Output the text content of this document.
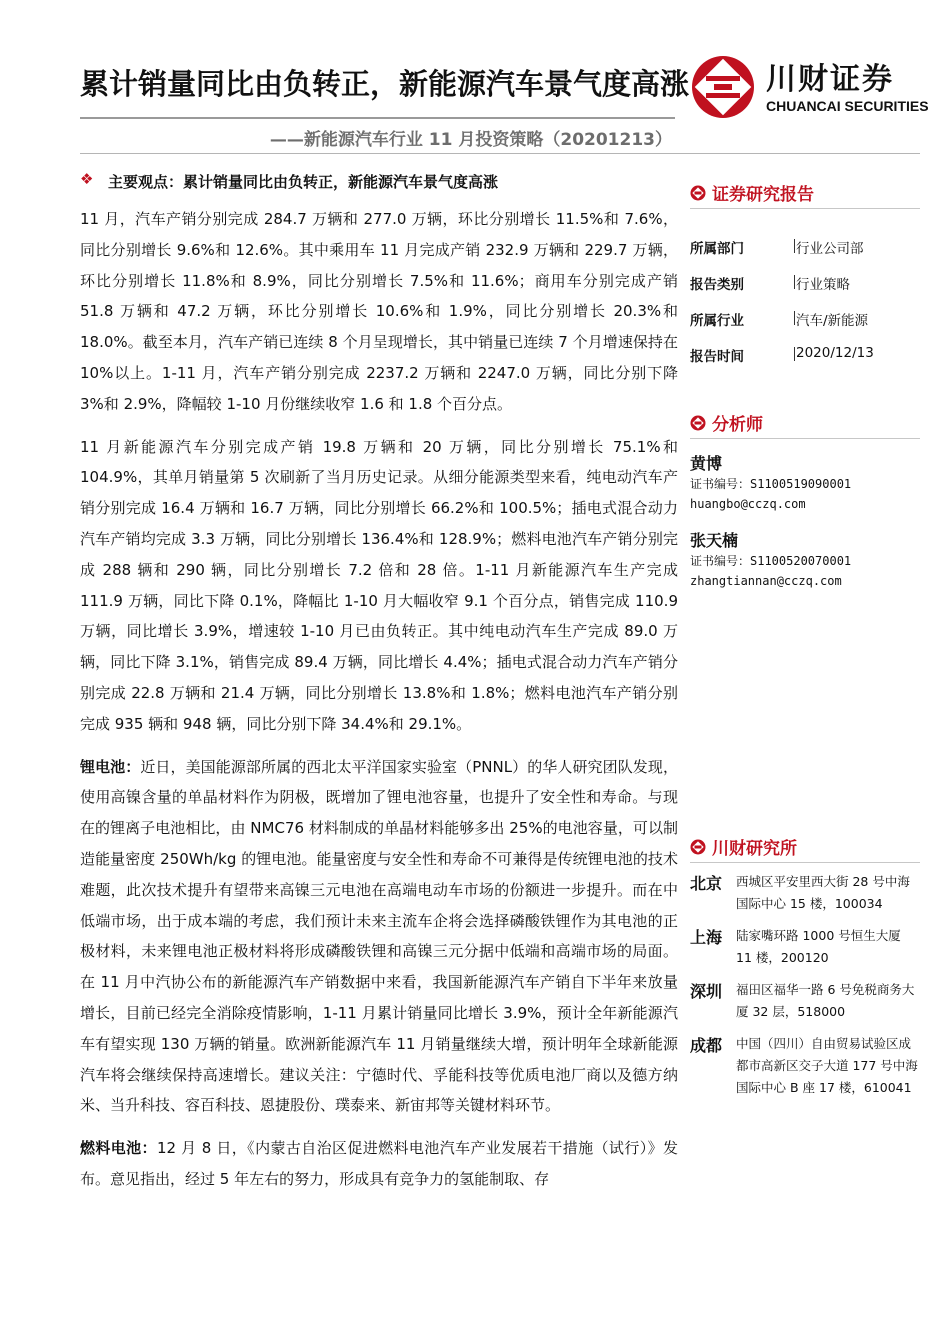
累计销量同比由负转正，新能源汽车景气度高涨	川财证券
CHUANCAI SECURITIES
——新能源汽车行业 11 月投资策略（20201213）
❖ 主要观点：累计销量同比由负转正，新能源汽车景气度高涨

11 月，汽车产销分别完成 284.7 万辆和 277.0 万辆，环比分别增长 11.5%和 7.6%，同比分别增长 9.6%和 12.6%。其中乘用车 11 月完成产销 232.9 万辆和 229.7 万辆，环比分别增长 11.8%和 8.9%，同比分别增长 7.5%和 11.6%；商用车分别完成产销 51.8 万辆和 47.2 万辆，环比分别增长 10.6%和 1.9%，同比分别增长 20.3%和 18.0%。截至本月，汽车产销已连续 8 个月呈现增长，其中销量已连续 7 个月增速保持在 10%以上。1-11 月，汽车产销分别完成 2237.2 万辆和 2247.0 万辆，同比分别下降 3%和 2.9%，降幅较 1-10 月份继续收窄 1.6 和 1.8 个百分点。

11 月新能源汽车分别完成产销 19.8 万辆和 20 万辆，同比分别增长 75.1%和 104.9%，其单月销量第 5 次刷新了当月历史记录。从细分能源类型来看，纯电动汽车产销分别完成 16.4 万辆和 16.7 万辆，同比分别增长 66.2%和 100.5%；插电式混合动力汽车产销均完成 3.3 万辆，同比分别增长 136.4%和 128.9%；燃料电池汽车产销分别完成 288 辆和 290 辆，同比分别增长 7.2 倍和 28 倍。1-11 月新能源汽车生产完成 111.9 万辆，同比下降 0.1%，降幅比 1-10 月大幅收窄 9.1 个百分点，销售完成 110.9 万辆，同比增长 3.9%，增速较 1-10 月已由负转正。其中纯电动汽车生产完成 89.0 万辆，同比下降 3.1%，销售完成 89.4 万辆，同比增长 4.4%；插电式混合动力汽车产销分别完成 22.8 万辆和 21.4 万辆，同比分别增长 13.8%和 1.8%；燃料电池汽车产销分别完成 935 辆和 948 辆，同比分别下降 34.4%和 29.1%。

锂电池：近日，美国能源部所属的西北太平洋国家实验室（PNNL）的华人研究团队发现，使用高镍含量的单晶材料作为阴极，既增加了锂电池容量，也提升了安全性和寿命。与现在的锂离子电池相比，由 NMC76 材料制成的单晶材料能够多出 25%的电池容量，可以制造能量密度 250Wh/kg 的锂电池。能量密度与安全性和寿命不可兼得是传统锂电池的技术难题，此次技术提升有望带来高镍三元电池在高端电动车市场的份额进一步提升。而在中低端市场，出于成本端的考虑，我们预计未来主流车企将会选择磷酸铁锂作为其电池的正极材料，未来锂电池正极材料将形成磷酸铁锂和高镍三元分据中低端和高端市场的局面。在 11 月中汽协公布的新能源汽车产销数据中来看，我国新能源汽车产销自下半年来放量增长，目前已经完全消除疫情影响，1-11 月累计销量同比增长 3.9%，预计全年新能源汽车有望实现 130 万辆的销量。欧洲新能源汽车 11 月销量继续大增，预计明年全球新能源汽车将会继续保持高速增长。建议关注：宁德时代、孚能科技等优质电池厂商以及德方纳米、当升科技、容百科技、恩捷股份、璞泰来、新宙邦等关键材料环节。

燃料电池：12 月 8 日，《内蒙古自治区促进燃料电池汽车产业发展若干措施（试行）》发布。意见指出，经过 5 年左右的努力，形成具有竞争力的氢能制取、存

证券研究报告
所属部门	行业公司部
报告类别	行业策略
所属行业	汽车/新能源
报告时间	2020/12/13
分析师
黄博
证书编号：S1100519090001
huangbo@cczq.com
张天楠
证书编号：S1100520070001
zhangtiannan@cczq.com
川财研究所
北京 西城区平安里西大街 28 号中海国际中心 15 楼，100034
上海 陆家嘴环路 1000 号恒生大厦 11 楼，200120
深圳 福田区福华一路 6 号免税商务大厦 32 层，518000
成都 中国（四川）自由贸易试验区成都市高新区交子大道 177 号中海国际中心 B 座 17 楼，610041
